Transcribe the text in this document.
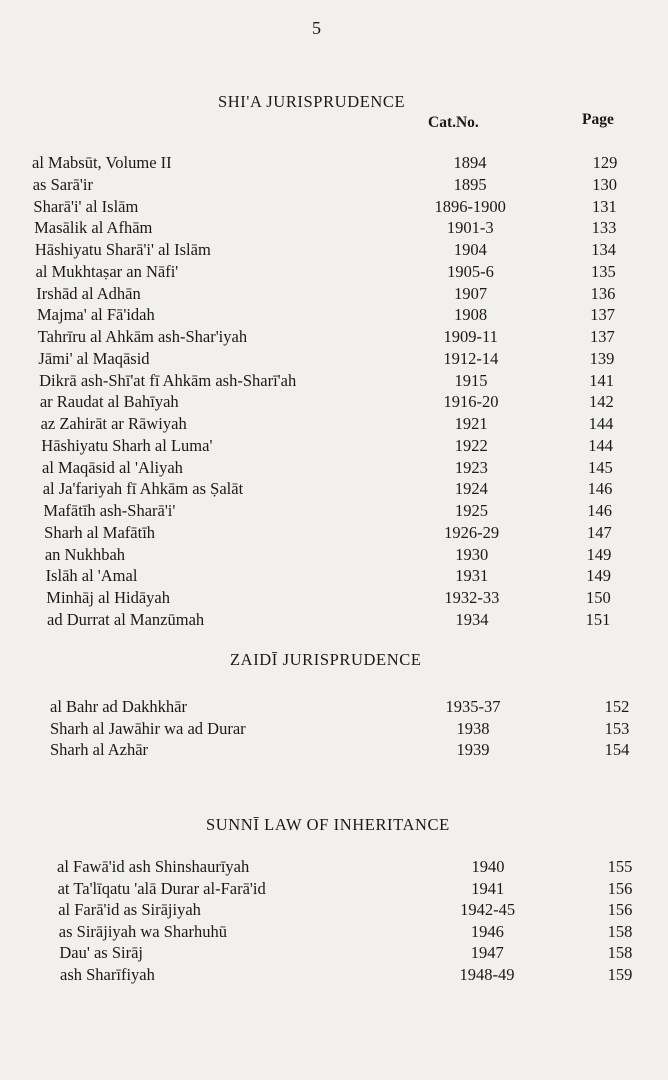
5
SHI'A JURISPRUDENCE
Cat.No.	Page
al Mabsūt, Volume II	1894	129
as Sarā'ir	1895	130
Sharā'i' al Islām	1896-1900	131
Masālik al Afhām	1901-3	133
Hāshiyatu Sharā'i' al Islām	1904	134
al Mukhtaṣar an Nāfi'	1905-6	135
Irshād al Adhān	1907	136
Majma' al Fā'idah	1908	137
Tahrīru al Ahkām ash-Shar'iyah	1909-11	137
Jāmi' al Maqāsid	1912-14	139
Dikrā ash-Shī'at fī Ahkām ash-Sharī'ah	1915	141
ar Raudat al Bahīyah	1916-20	142
az Zahirāt ar Rāwiyah	1921	144
Hāshiyatu Sharh al Luma'	1922	144
al Maqāsid al 'Aliyah	1923	145
al Ja'fariyah fī Ahkām as Ṣalāt	1924	146
Mafātīh ash-Sharā'i'	1925	146
Sharh al Mafātīh	1926-29	147
an Nukhbah	1930	149
Islāh al 'Amal	1931	149
Minhāj al Hidāyah	1932-33	150
ad Durrat al Manzūmah	1934	151
ZAIDĪ JURISPRUDENCE
al Bahr ad Dakhkhār	1935-37	152
Sharh al Jawāhir wa ad Durar	1938	153
Sharh al Azhār	1939	154
SUNNĪ LAW OF INHERITANCE
al Fawā'id ash Shinshaurīyah	1940	155
at Ta'līqatu 'alā Durar al-Farā'id	1941	156
al Farā'id as Sirājiyah	1942-45	156
as Sirājiyah wa Sharhuhū	1946	158
Dau' as Sirāj	1947	158
ash Sharīfiyah	1948-49	159
